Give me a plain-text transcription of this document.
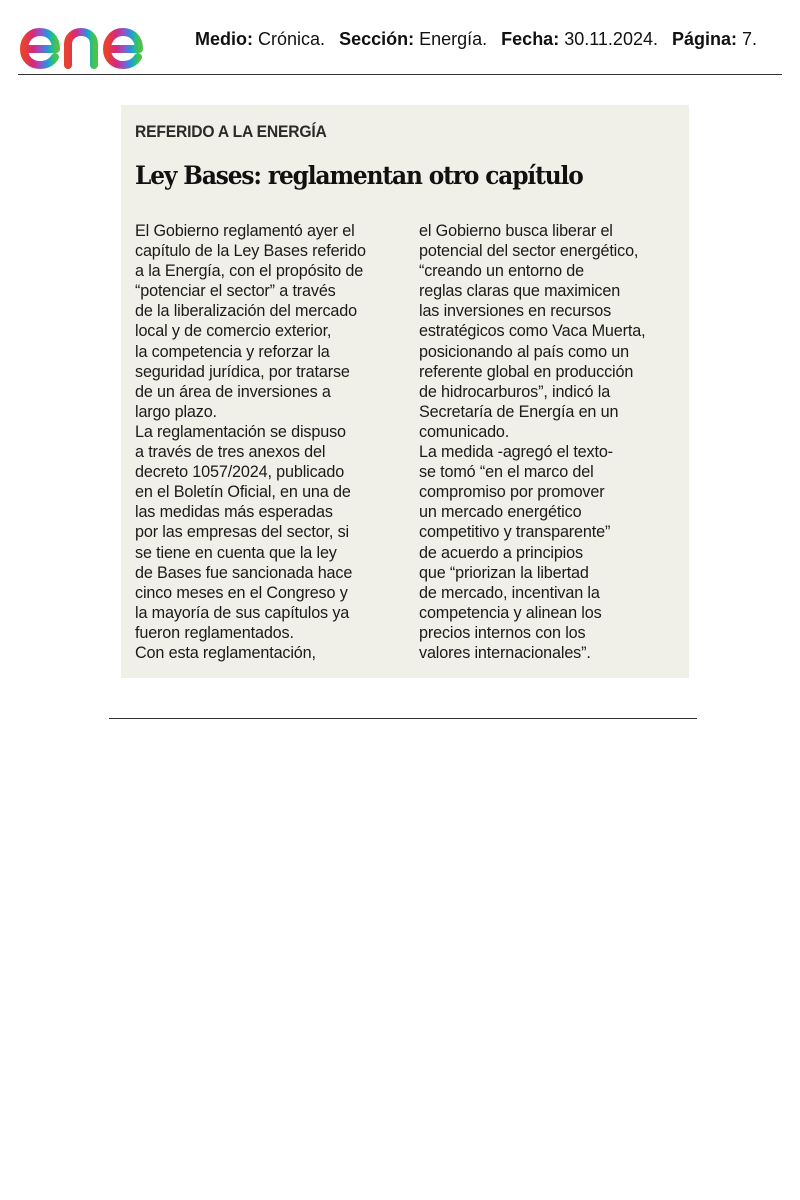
Medio: Crónica. Sección: Energía. Fecha: 30.11.2024. Página: 7.
REFERIDO A LA ENERGÍA
Ley Bases: reglamentan otro capítulo
El Gobierno reglamentó ayer el
capítulo de la Ley Bases referido
a la Energía, con el propósito de
“potenciar el sector” a través
de la liberalización del mercado
local y de comercio exterior,
la competencia y reforzar la
seguridad jurídica, por tratarse
de un área de inversiones a
largo plazo.
La reglamentación se dispuso
a través de tres anexos del
decreto 1057/2024, publicado
en el Boletín Oficial, en una de
las medidas más esperadas
por las empresas del sector, si
se tiene en cuenta que la ley
de Bases fue sancionada hace
cinco meses en el Congreso y
la mayoría de sus capítulos ya
fueron reglamentados.
Con esta reglamentación,
el Gobierno busca liberar el
potencial del sector energético,
“creando un entorno de
reglas claras que maximicen
las inversiones en recursos
estratégicos como Vaca Muerta,
posicionando al país como un
referente global en producción
de hidrocarburos”, indicó la
Secretaría de Energía en un
comunicado.
La medida -agregó el texto-
se tomó “en el marco del
compromiso por promover
un mercado energético
competitivo y transparente”
de acuerdo a principios
que “priorizan la libertad
de mercado, incentivan la
competencia y alinean los
precios internos con los
valores internacionales”.
